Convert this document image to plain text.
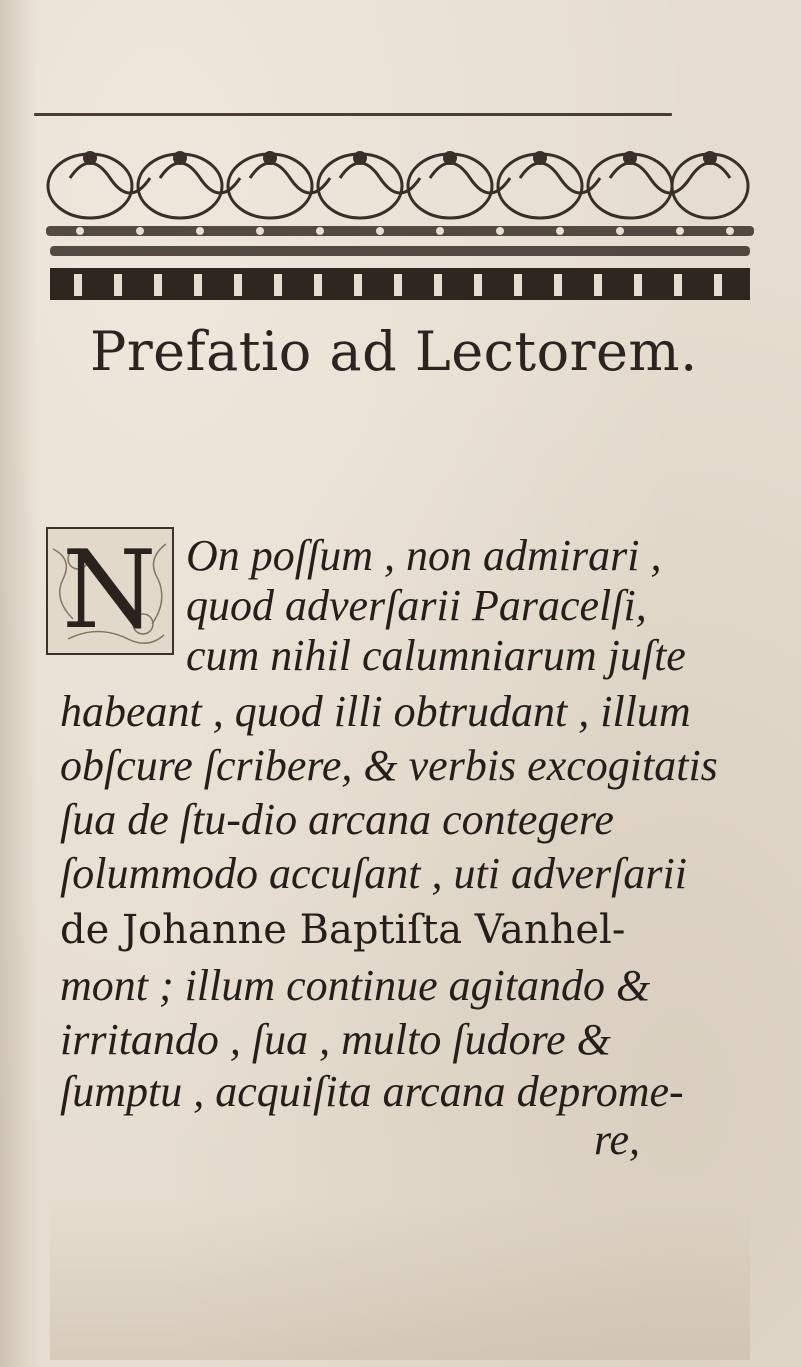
Prefatio ad Lectorem.
N On poſſum , non admirari ,

quod adverſarii Paracelſi,

cum nihil calumniarum juſte

habeant , quod illi obtrudant , illum

obſcure ſcribere, & verbis excogitatis

ſua de ſtu-dio arcana contegere

ſolummodo accuſant , uti adverſarii

de Johanne Baptiſta Vanhel-

mont ; illum continue agitando &

irritando , ſua , multo ſudore &

ſumptu , acquiſita arcana deprome-

re,
